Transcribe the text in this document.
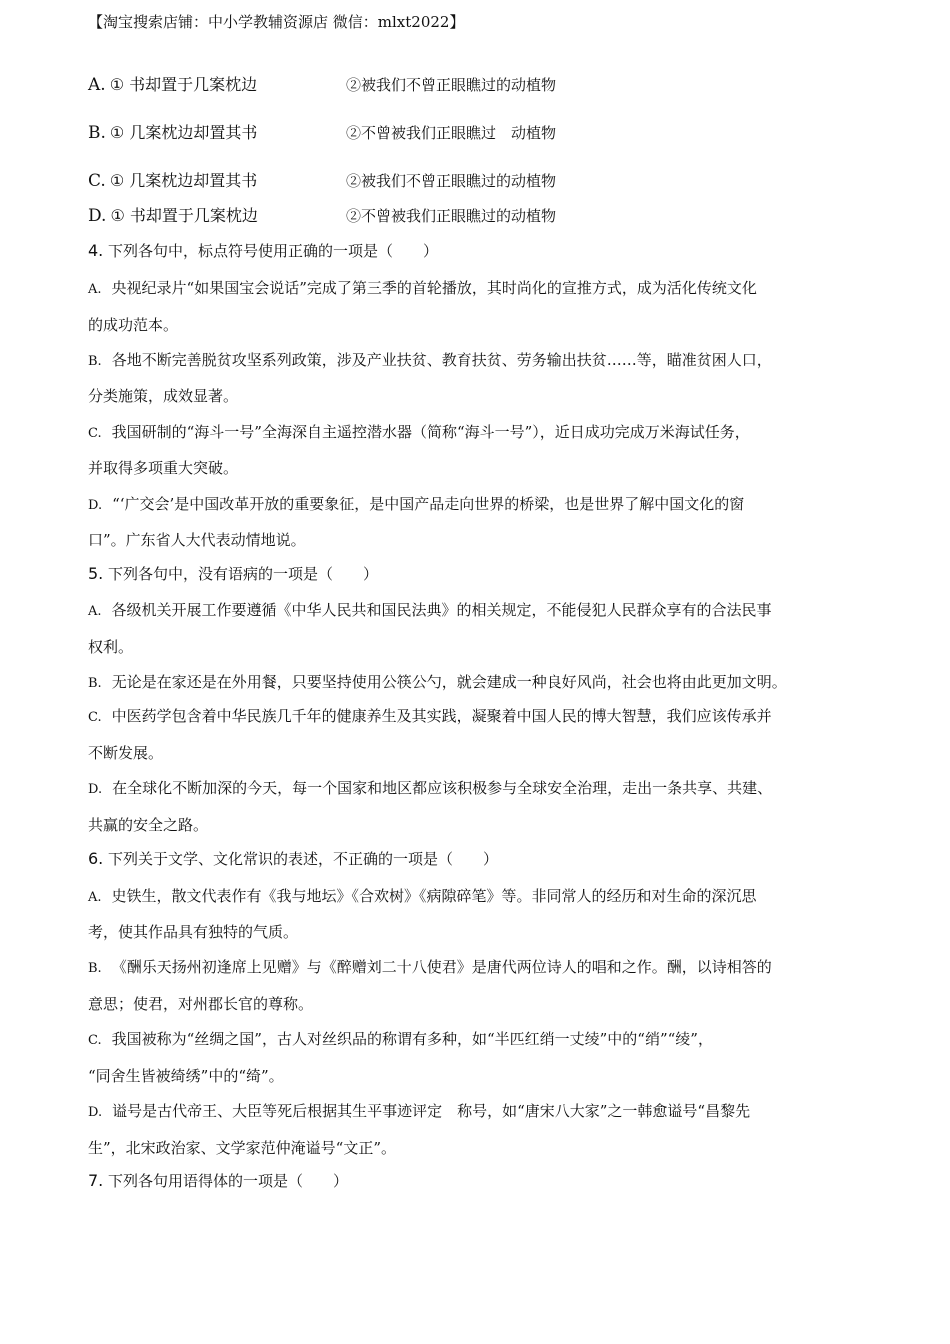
【淘宝搜索店铺：中小学教辅资源店 微信：mlxt2022】
A. ① 书却置于几案枕边	②被我们不曾正眼瞧过的动植物
B. ① 几案枕边却置其书	②不曾被我们正眼瞧过　动植物
C. ① 几案枕边却置其书	②被我们不曾正眼瞧过的动植物
D. ① 书却置于几案枕边	②不曾被我们正眼瞧过的动植物
4. 下列各句中，标点符号使用正确的一项是（　　）
A. 央视纪录片“如果国宝会说话”完成了第三季的首轮播放，其时尚化的宣推方式，成为活化传统文化
的成功范本。
B. 各地不断完善脱贫攻坚系列政策，涉及产业扶贫、教育扶贫、劳务输出扶贫……等，瞄准贫困人口，
分类施策，成效显著。
C. 我国研制的“海斗一号”全海深自主遥控潜水器（简称“海斗一号”），近日成功完成万米海试任务，
并取得多项重大突破。
D. “‘广交会’是中国改革开放的重要象征，是中国产品走向世界的桥梁，也是世界了解中国文化的窗
口”。广东省人大代表动情地说。
5. 下列各句中，没有语病的一项是（　　）
A. 各级机关开展工作要遵循《中华人民共和国民法典》的相关规定，不能侵犯人民群众享有的合法民事
权利。
B. 无论是在家还是在外用餐，只要坚持使用公筷公勺，就会建成一种良好风尚，社会也将由此更加文明。
C. 中医药学包含着中华民族几千年的健康养生及其实践，凝聚着中国人民的博大智慧，我们应该传承并
不断发展。
D. 在全球化不断加深的今天，每一个国家和地区都应该积极参与全球安全治理，走出一条共享、共建、
共赢的安全之路。
6. 下列关于文学、文化常识的表述，不正确的一项是（　　）
A. 史铁生，散文代表作有《我与地坛》《合欢树》《病隙碎笔》等。非同常人的经历和对生命的深沉思
考，使其作品具有独特的气质。
B. 《酬乐天扬州初逢席上见赠》与《醉赠刘二十八使君》是唐代两位诗人的唱和之作。酬，以诗相答的
意思；使君，对州郡长官的尊称。
C. 我国被称为“丝绸之国”，古人对丝织品的称谓有多种，如“半匹红绡一丈绫”中的“绡”“绫”，
“同舍生皆被绮绣”中的“绮”。
D. 谥号是古代帝王、大臣等死后根据其生平事迹评定　称号，如“唐宋八大家”之一韩愈谥号“昌黎先
生”，北宋政治家、文学家范仲淹谥号“文正”。
7. 下列各句用语得体的一项是（　　）
